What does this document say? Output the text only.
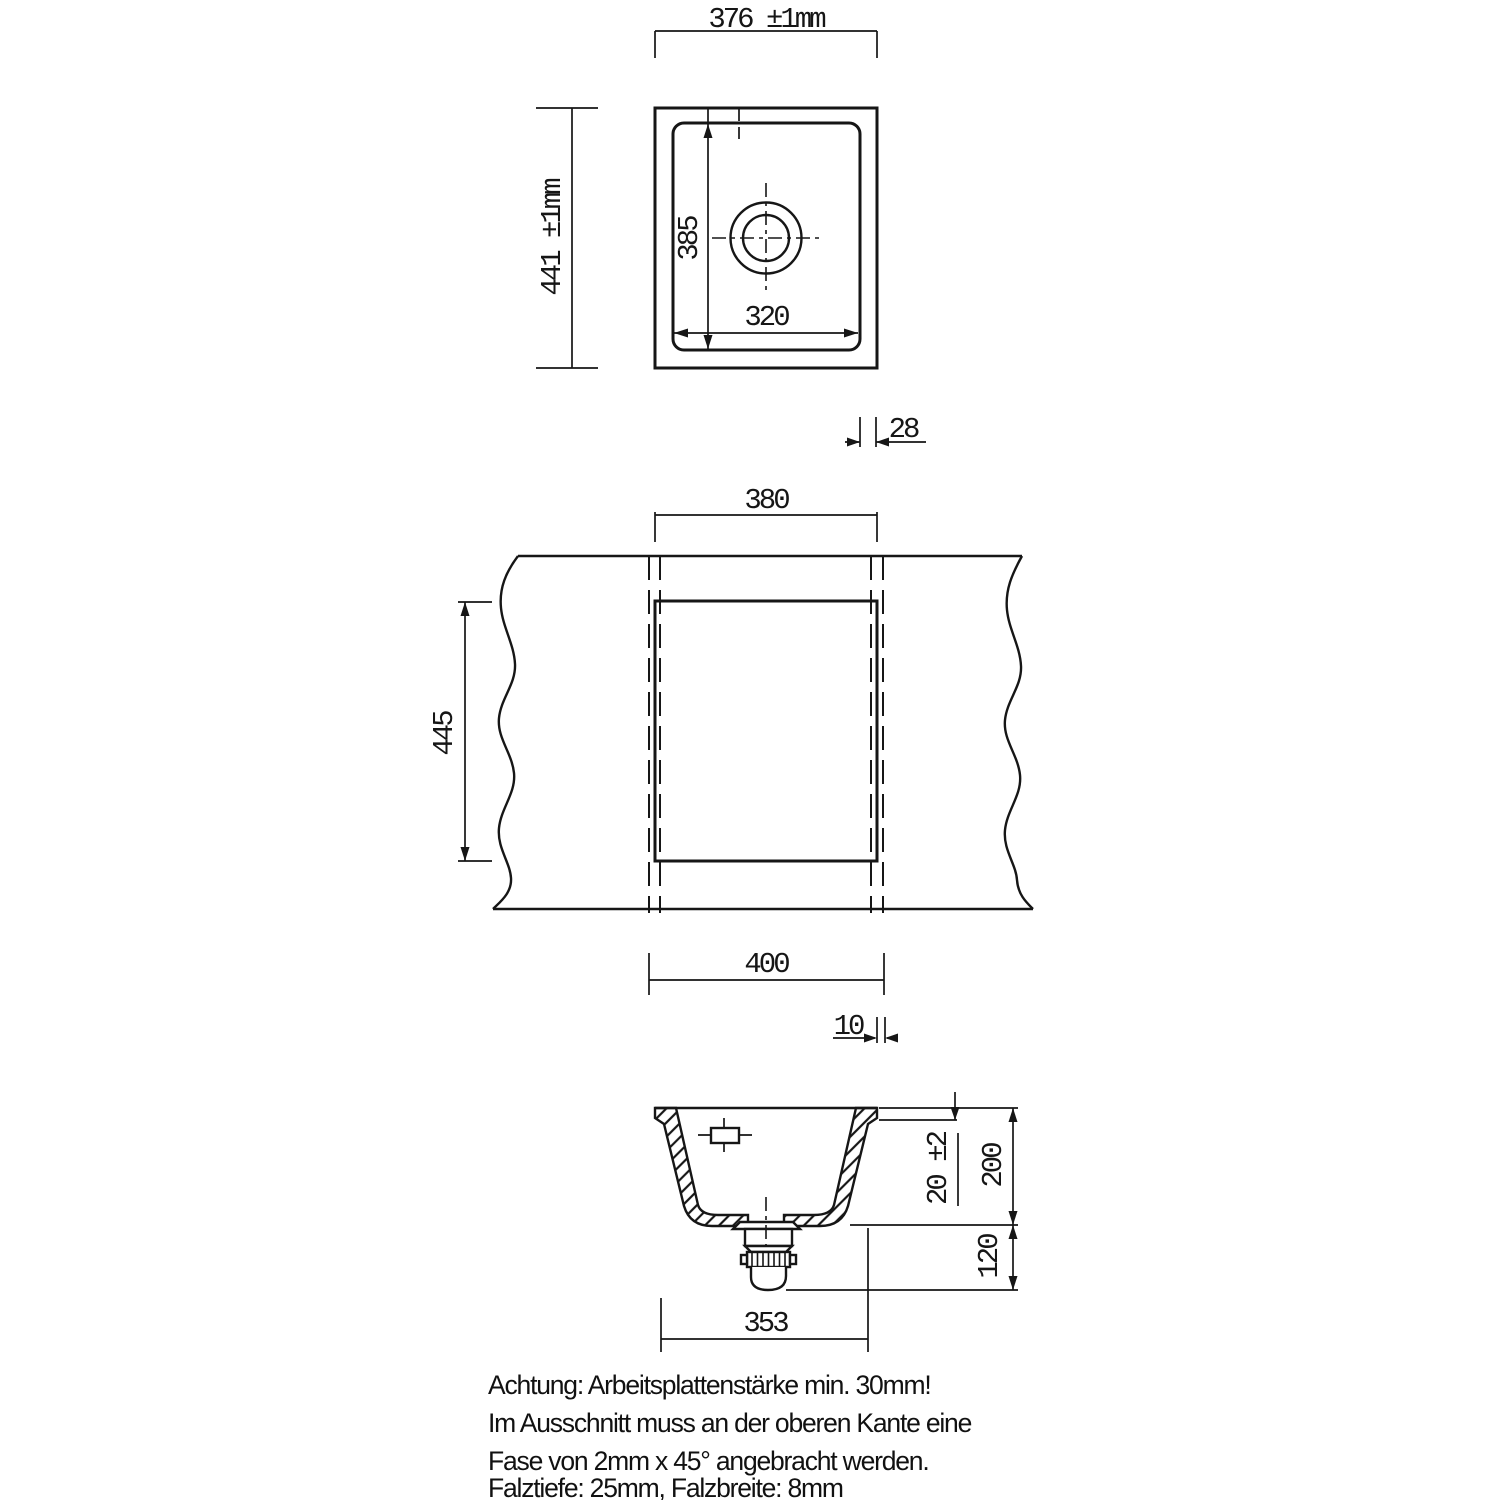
376 ±1mm
385
320
441 ±1mm
28
380
445
400
10
20 ±2 200
120
353
Achtung: Arbeitsplattenstärke min. 30mm!
Im Ausschnitt muss an der oberen Kante eine
Fase von 2mm x 45° angebracht werden.
Falztiefe: 25mm, Falzbreite: 8mm
